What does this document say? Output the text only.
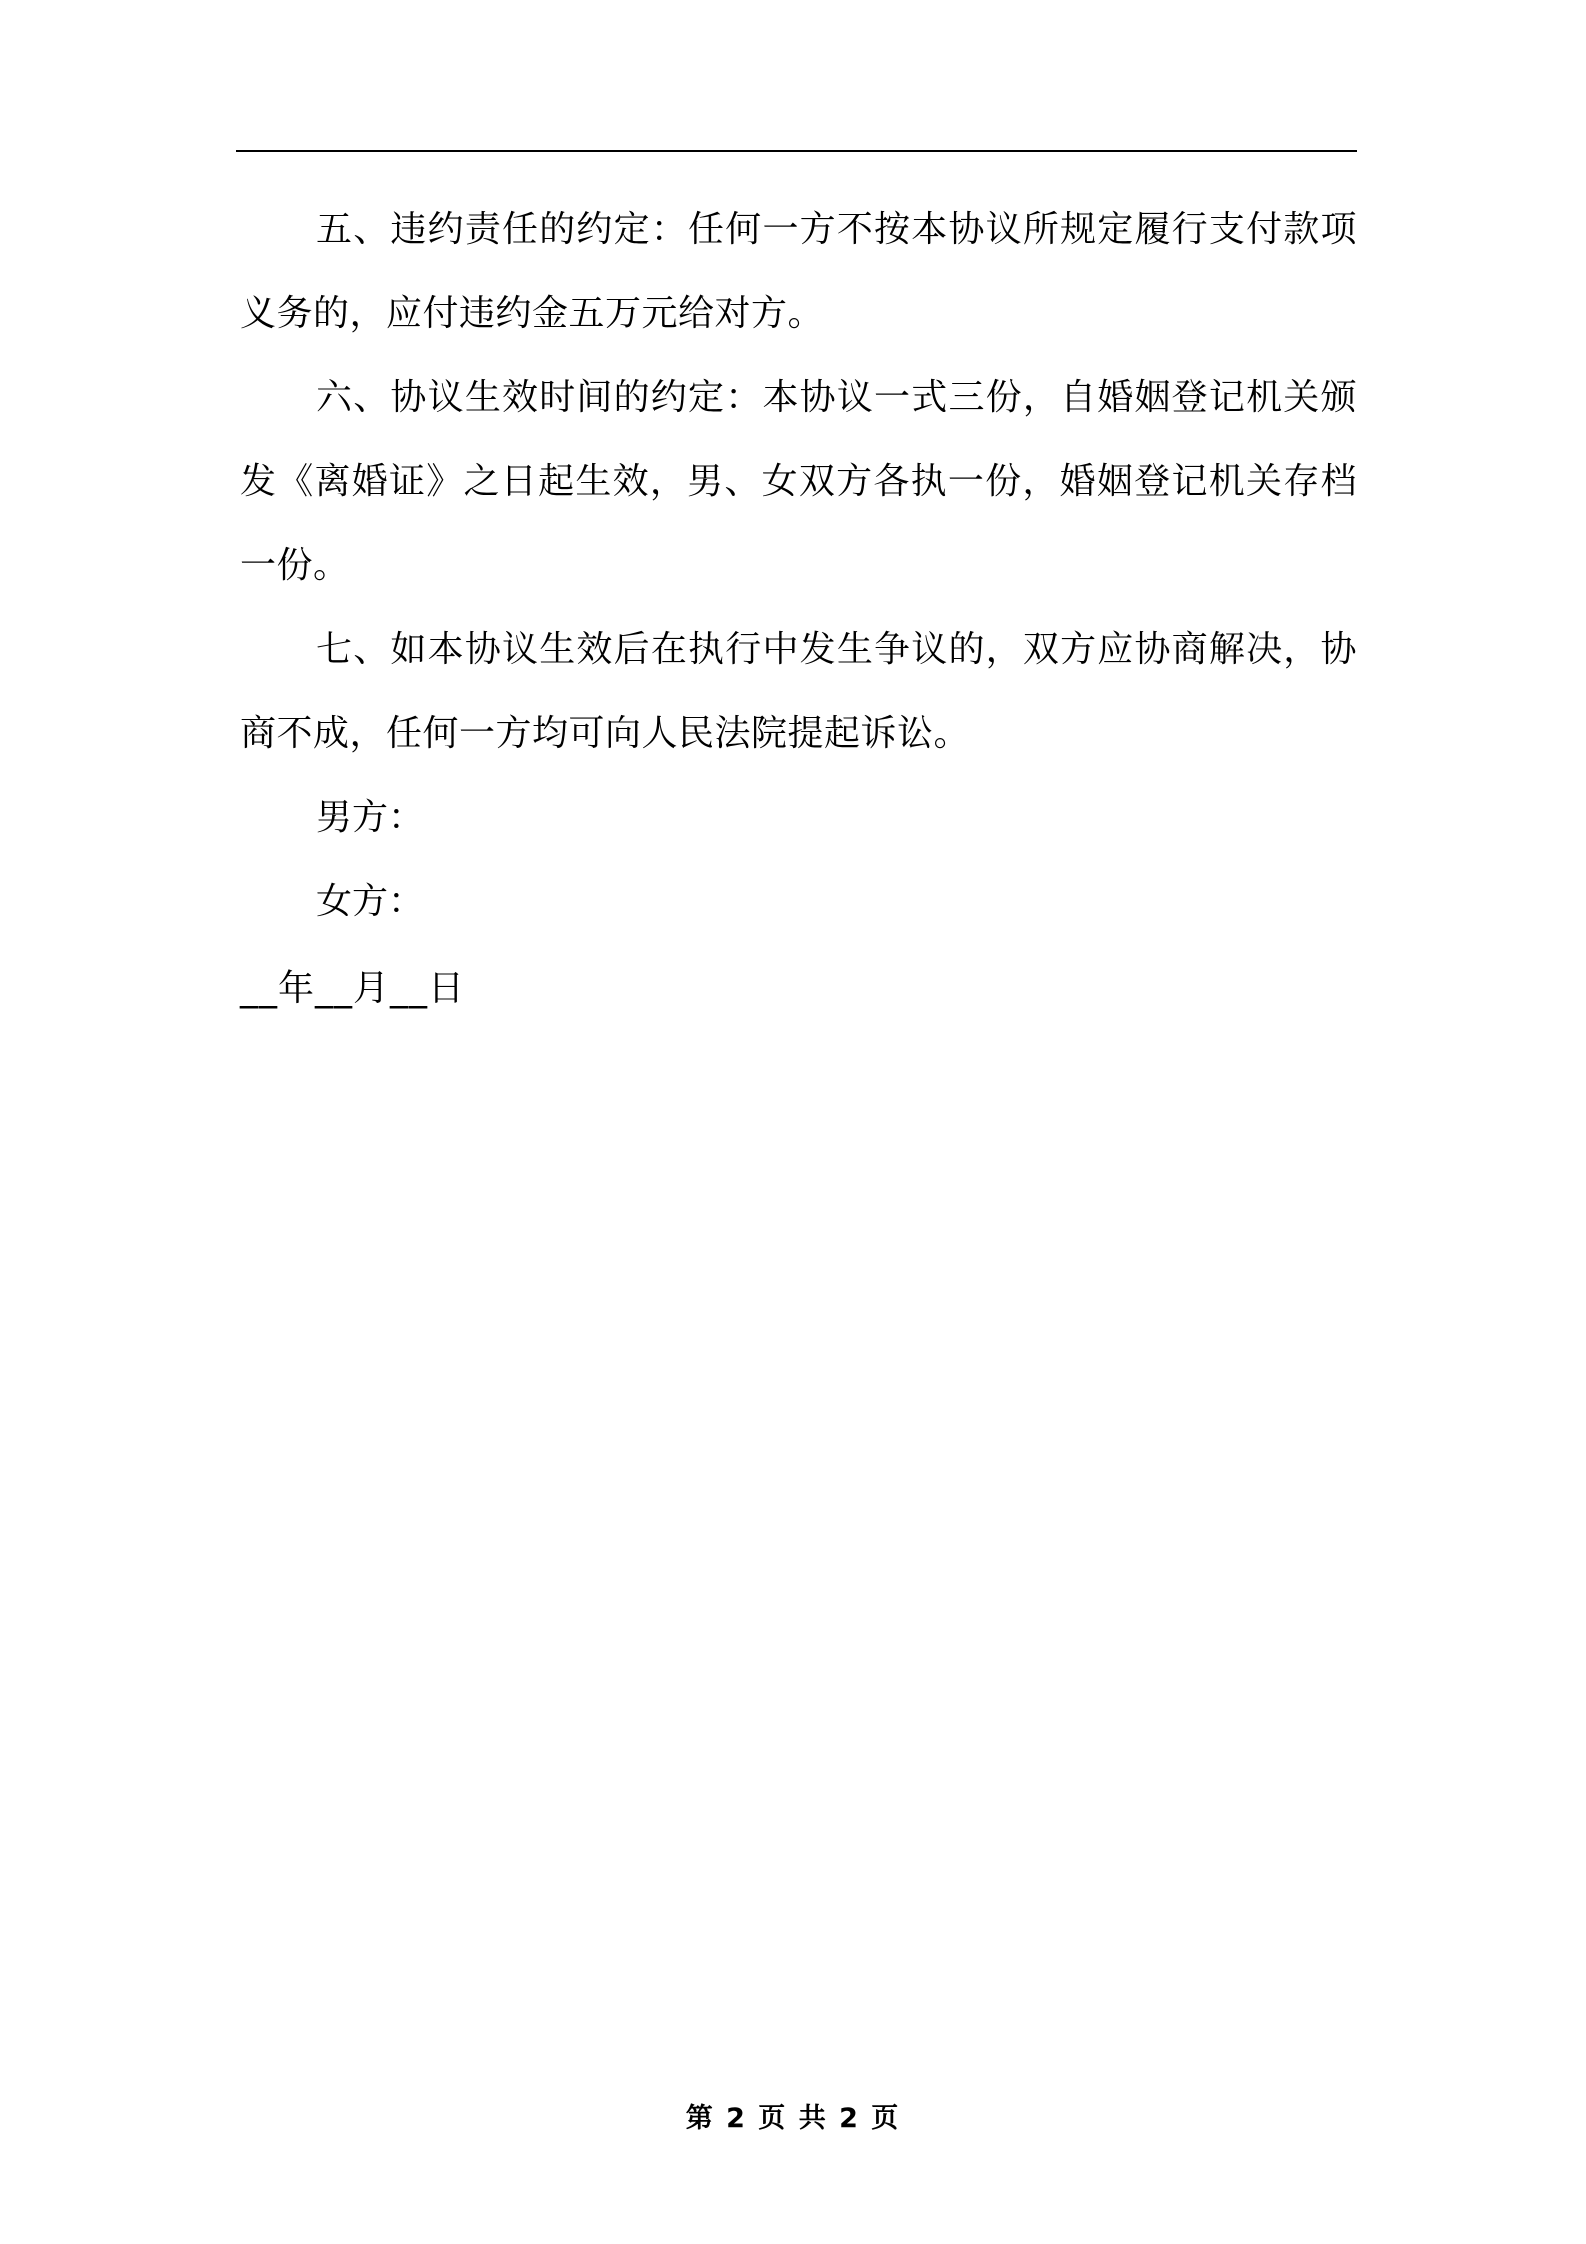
五、违约责任的约定：任何一方不按本协议所规定履行支付款项义务的，应付违约金五万元给对方。

六、协议生效时间的约定：本协议一式三份，自婚姻登记机关颁发《离婚证》之日起生效，男、女双方各执一份，婚姻登记机关存档一份。

七、如本协议生效后在执行中发生争议的，双方应协商解决，协商不成，任何一方均可向人民法院提起诉讼。

男方：

女方：

__年__月__日

第 2 页 共 2 页
